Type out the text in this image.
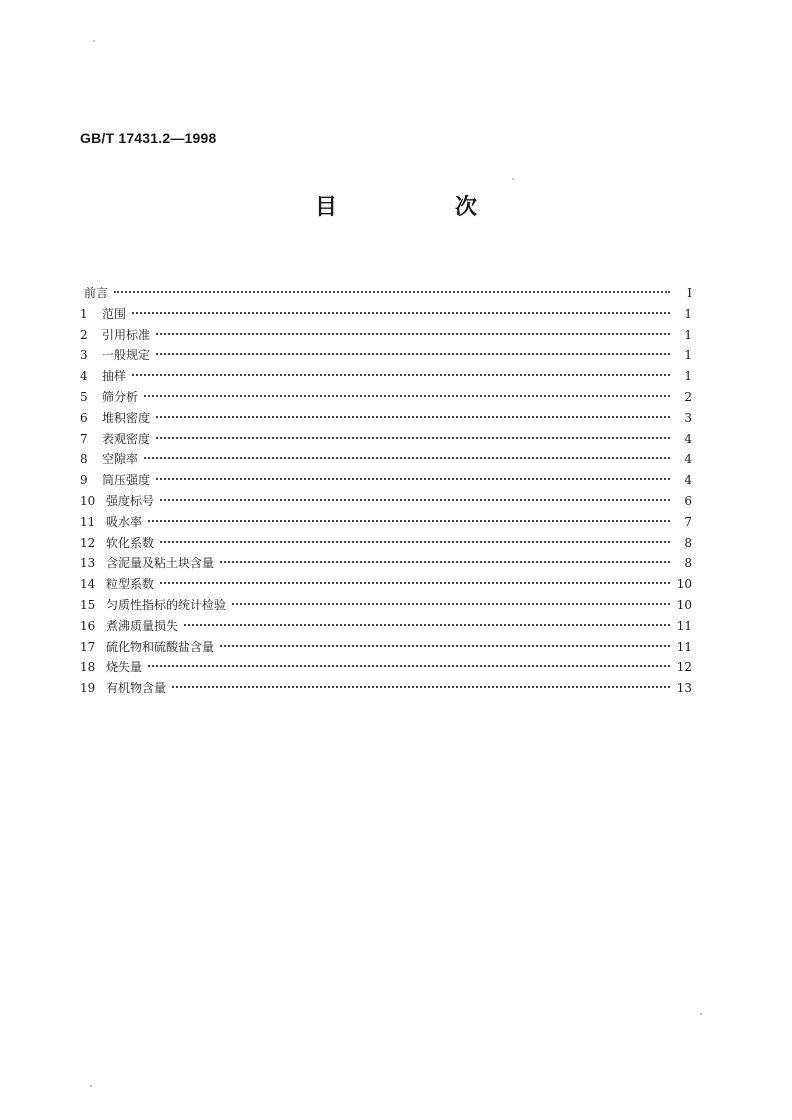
GB/T 17431.2—1998
目　次
前言	I
1	范围	1
2	引用标准	1
3	一般规定	1
4	抽样	1
5	筛分析	2
6	堆积密度	3
7	表观密度	4
8	空隙率	4
9	筒压强度	4
10 强度标号	6
11 吸水率	7
12 软化系数	8
13 含泥量及粘土块含量	8
14 粒型系数	10
15 匀质性指标的统计检验	10
16 煮沸质量损失	11
17 硫化物和硫酸盐含量	11
18 烧失量	12
19 有机物含量	13
